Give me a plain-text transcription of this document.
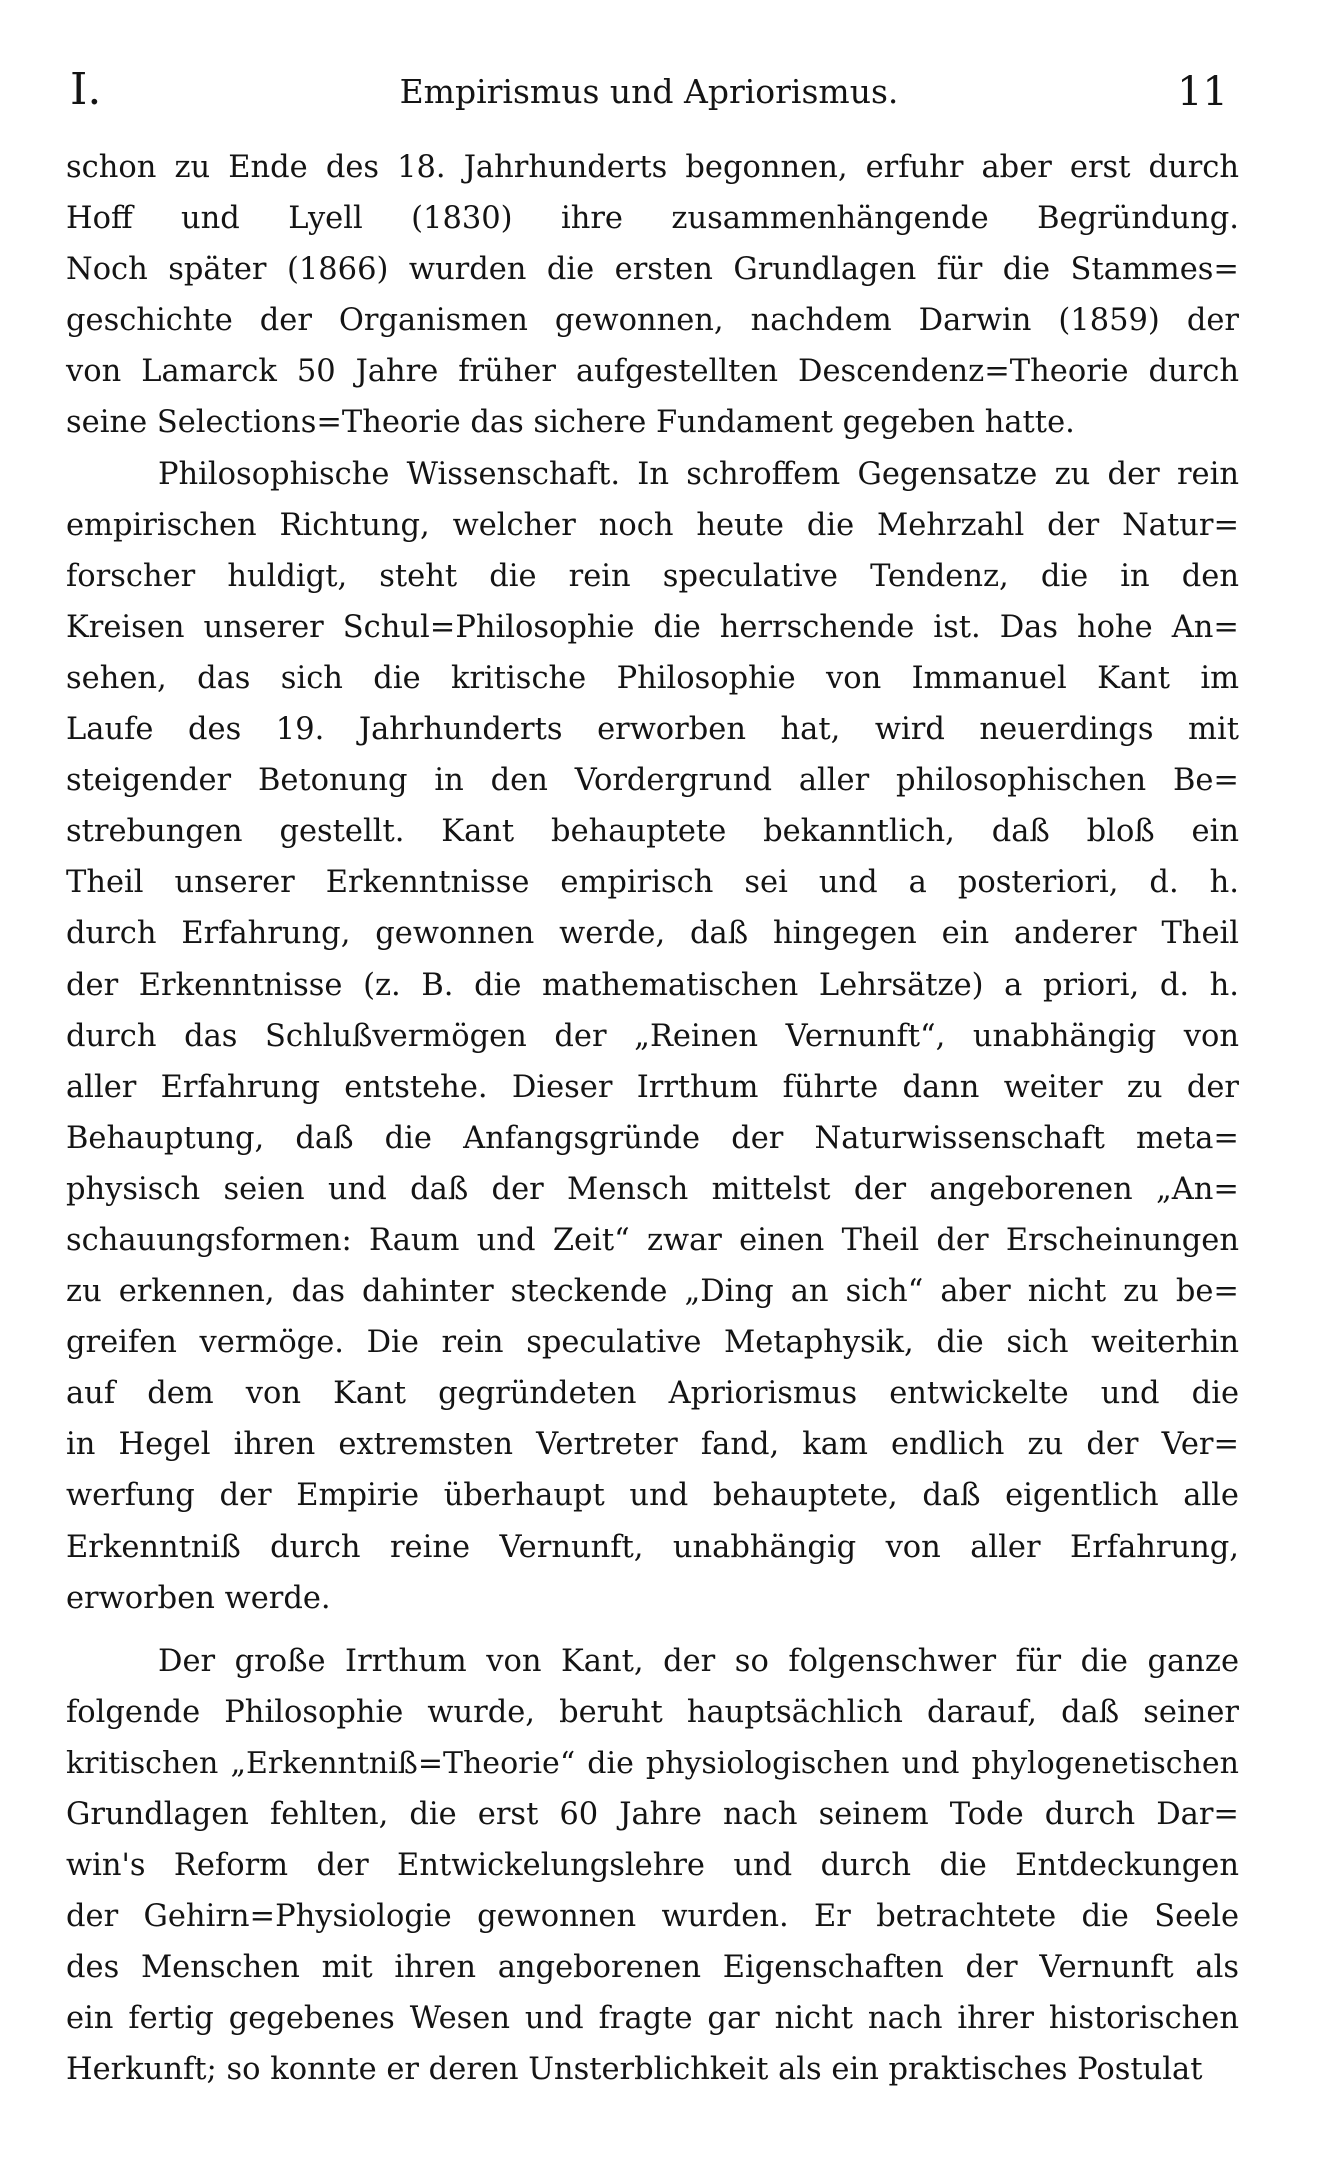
I.	Empirismus und Apriorismus.	11
schon zu Ende des 18. Jahrhunderts begonnen, erfuhr aber erst durch
Hoff und Lyell (1830) ihre zusammenhängende Begründung.
Noch später (1866) wurden die ersten Grundlagen für die Stammes=
geschichte der Organismen gewonnen, nachdem Darwin (1859) der
von Lamarck 50 Jahre früher aufgestellten Descendenz=Theorie durch
seine Selections=Theorie das sichere Fundament gegeben hatte.
Philosophische Wissenschaft. In schroffem Gegensatze zu der rein
empirischen Richtung, welcher noch heute die Mehrzahl der Natur=
forscher huldigt, steht die rein speculative Tendenz, die in den
Kreisen unserer Schul=Philosophie die herrschende ist. Das hohe An=
sehen, das sich die kritische Philosophie von Immanuel Kant im
Laufe des 19. Jahrhunderts erworben hat, wird neuerdings mit
steigender Betonung in den Vordergrund aller philosophischen Be=
strebungen gestellt. Kant behauptete bekanntlich, daß bloß ein
Theil unserer Erkenntnisse empirisch sei und a posteriori, d. h.
durch Erfahrung, gewonnen werde, daß hingegen ein anderer Theil
der Erkenntnisse (z. B. die mathematischen Lehrsätze) a priori, d. h.
durch das Schlußvermögen der „Reinen Vernunft“, unabhängig von
aller Erfahrung entstehe. Dieser Irrthum führte dann weiter zu der
Behauptung, daß die Anfangsgründe der Naturwissenschaft meta=
physisch seien und daß der Mensch mittelst der angeborenen „An=
schauungsformen: Raum und Zeit“ zwar einen Theil der Erscheinungen
zu erkennen, das dahinter steckende „Ding an sich“ aber nicht zu be=
greifen vermöge. Die rein speculative Metaphysik, die sich weiterhin
auf dem von Kant gegründeten Apriorismus entwickelte und die
in Hegel ihren extremsten Vertreter fand, kam endlich zu der Ver=
werfung der Empirie überhaupt und behauptete, daß eigentlich alle
Erkenntniß durch reine Vernunft, unabhängig von aller Erfahrung,
erworben werde.
Der große Irrthum von Kant, der so folgenschwer für die ganze
folgende Philosophie wurde, beruht hauptsächlich darauf, daß seiner
kritischen „Erkenntniß=Theorie“ die physiologischen und phylogenetischen
Grundlagen fehlten, die erst 60 Jahre nach seinem Tode durch Dar=
win's Reform der Entwickelungslehre und durch die Entdeckungen
der Gehirn=Physiologie gewonnen wurden. Er betrachtete die Seele
des Menschen mit ihren angeborenen Eigenschaften der Vernunft als
ein fertig gegebenes Wesen und fragte gar nicht nach ihrer historischen
Herkunft; so konnte er deren Unsterblichkeit als ein praktisches Postulat
